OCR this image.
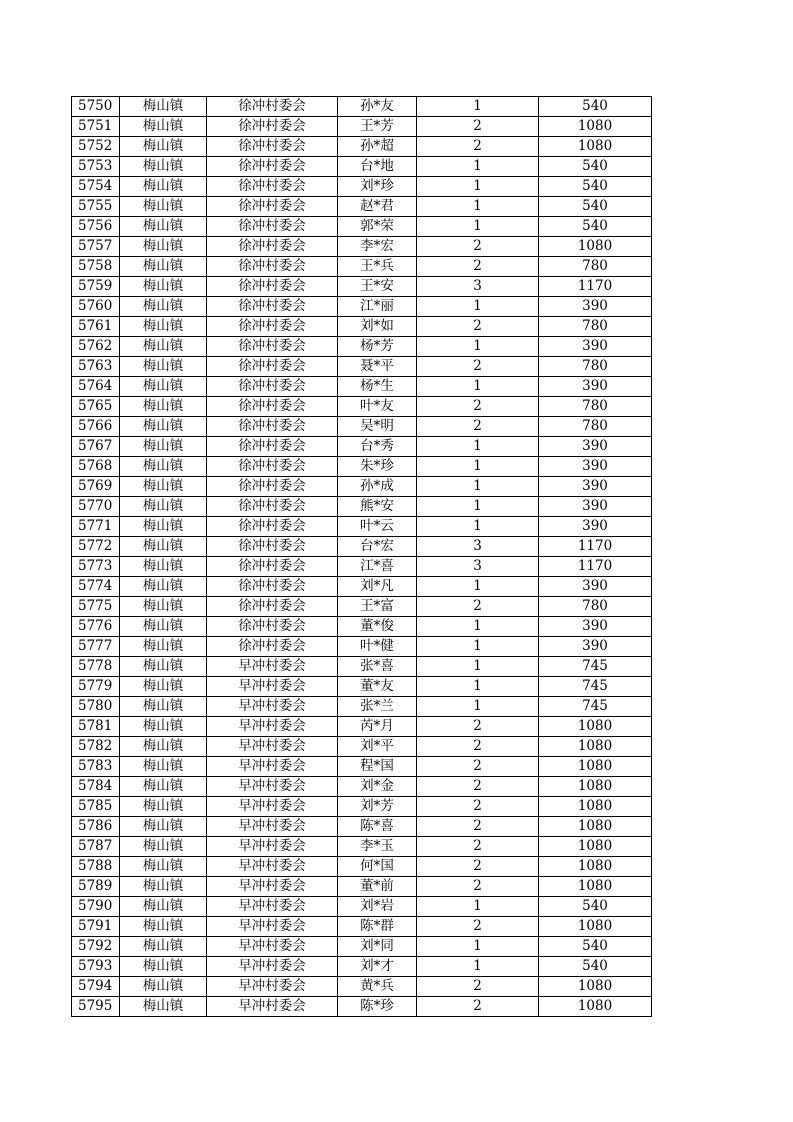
5750	梅山镇	徐冲村委会	孙*友	1	540
5751	梅山镇	徐冲村委会	王*芳	2	1080
5752	梅山镇	徐冲村委会	孙*超	2	1080
5753	梅山镇	徐冲村委会	台*地	1	540
5754	梅山镇	徐冲村委会	刘*珍	1	540
5755	梅山镇	徐冲村委会	赵*君	1	540
5756	梅山镇	徐冲村委会	郭*荣	1	540
5757	梅山镇	徐冲村委会	李*宏	2	1080
5758	梅山镇	徐冲村委会	王*兵	2	780
5759	梅山镇	徐冲村委会	王*安	3	1170
5760	梅山镇	徐冲村委会	江*丽	1	390
5761	梅山镇	徐冲村委会	刘*如	2	780
5762	梅山镇	徐冲村委会	杨*芳	1	390
5763	梅山镇	徐冲村委会	聂*平	2	780
5764	梅山镇	徐冲村委会	杨*生	1	390
5765	梅山镇	徐冲村委会	叶*友	2	780
5766	梅山镇	徐冲村委会	吴*明	2	780
5767	梅山镇	徐冲村委会	台*秀	1	390
5768	梅山镇	徐冲村委会	朱*珍	1	390
5769	梅山镇	徐冲村委会	孙*成	1	390
5770	梅山镇	徐冲村委会	熊*安	1	390
5771	梅山镇	徐冲村委会	叶*云	1	390
5772	梅山镇	徐冲村委会	台*宏	3	1170
5773	梅山镇	徐冲村委会	江*喜	3	1170
5774	梅山镇	徐冲村委会	刘*凡	1	390
5775	梅山镇	徐冲村委会	王*富	2	780
5776	梅山镇	徐冲村委会	董*俊	1	390
5777	梅山镇	徐冲村委会	叶*健	1	390
5778	梅山镇	早冲村委会	张*喜	1	745
5779	梅山镇	早冲村委会	董*友	1	745
5780	梅山镇	早冲村委会	张*兰	1	745
5781	梅山镇	早冲村委会	芮*月	2	1080
5782	梅山镇	早冲村委会	刘*平	2	1080
5783	梅山镇	早冲村委会	程*国	2	1080
5784	梅山镇	早冲村委会	刘*金	2	1080
5785	梅山镇	早冲村委会	刘*芳	2	1080
5786	梅山镇	早冲村委会	陈*喜	2	1080
5787	梅山镇	早冲村委会	李*玉	2	1080
5788	梅山镇	早冲村委会	何*国	2	1080
5789	梅山镇	早冲村委会	董*前	2	1080
5790	梅山镇	早冲村委会	刘*岩	1	540
5791	梅山镇	早冲村委会	陈*群	2	1080
5792	梅山镇	早冲村委会	刘*同	1	540
5793	梅山镇	早冲村委会	刘*才	1	540
5794	梅山镇	早冲村委会	黄*兵	2	1080
5795	梅山镇	早冲村委会	陈*珍	2	1080
